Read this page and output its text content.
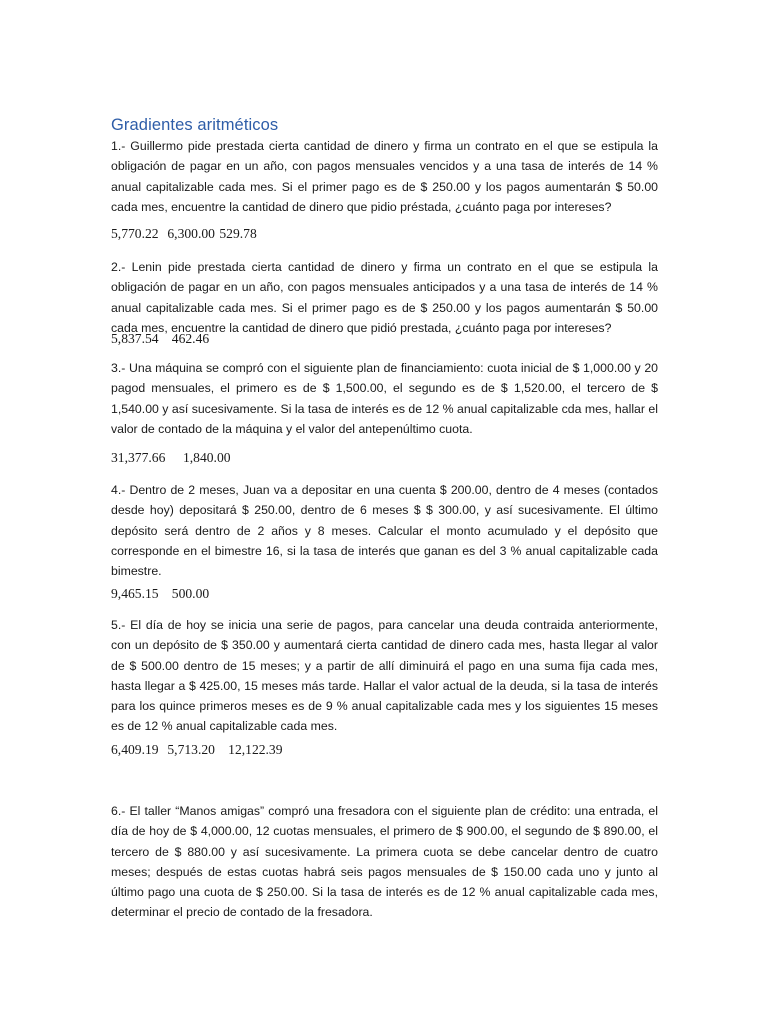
Gradientes aritméticos

1.- Guillermo pide prestada cierta cantidad de dinero y firma un contrato en el que se estipula la obligación de pagar en un año, con pagos mensuales vencidos y a una tasa de interés de 14 % anual capitalizable cada mes. Si el primer pago es de $ 250.00 y los pagos aumentarán $ 50.00 cada mes, encuentre la cantidad de dinero que pidio préstada, ¿cuánto paga por intereses?

5,770.22  6,300.00 529.78

2.- Lenin pide prestada cierta cantidad de dinero y firma un contrato en el que se estipula la obligación de pagar en un año, con pagos mensuales anticipados y a una tasa de interés de 14 % anual capitalizable cada mes. Si el primer pago es de $ 250.00 y los pagos aumentarán $ 50.00 cada mes, encuentre la cantidad de dinero que pidió prestada, ¿cuánto paga por intereses?

5,837.54   462.46

3.- Una máquina se compró con el siguiente plan de financiamiento: cuota inicial de $ 1,000.00 y 20 pagod mensuales, el primero es de $ 1,500.00, el segundo es de $ 1,520.00, el tercero de $ 1,540.00 y así sucesivamente. Si la tasa de interés es de 12 % anual capitalizable cda mes, hallar el valor de contado de la máquina y el valor del antepenúltimo cuota.

31,377.66    1,840.00

4.- Dentro de 2 meses, Juan va a depositar en una cuenta $ 200.00, dentro de 4 meses (contados desde hoy) depositará $ 250.00, dentro de 6 meses $ $ 300.00, y así sucesivamente. El último depósito será dentro de 2 años y 8 meses. Calcular el monto acumulado y el depósito que corresponde en el bimestre 16, si la tasa de interés que ganan es del 3 % anual capitalizable cada bimestre.

9,465.15   500.00

5.- El día de hoy se inicia una serie de pagos, para cancelar una deuda contraida anteriormente, con un depósito de $ 350.00 y aumentará cierta cantidad de dinero cada mes, hasta llegar al valor de $ 500.00 dentro de 15 meses; y a partir de allí diminuirá el pago en una suma fija cada mes, hasta llegar a $ 425.00, 15 meses más tarde. Hallar el valor actual de la deuda, si la tasa de interés para los quince primeros meses es de 9 % anual capitalizable cada mes y los siguientes 15 meses es de 12 % anual capitalizable cada mes.

6,409.19  5,713.20   12,122.39

6.- El taller “Manos amigas” compró una fresadora con el siguiente plan de crédito: una entrada, el día de hoy de $ 4,000.00, 12 cuotas mensuales, el primero de $ 900.00, el segundo de $ 890.00, el tercero de $ 880.00 y así sucesivamente. La primera cuota se debe cancelar dentro de cuatro meses; después de estas cuotas habrá seis pagos mensuales de $ 150.00 cada uno y junto al último pago una cuota de $ 250.00. Si la tasa de interés es de 12 % anual capitalizable cada mes, determinar el precio de contado de la fresadora.
